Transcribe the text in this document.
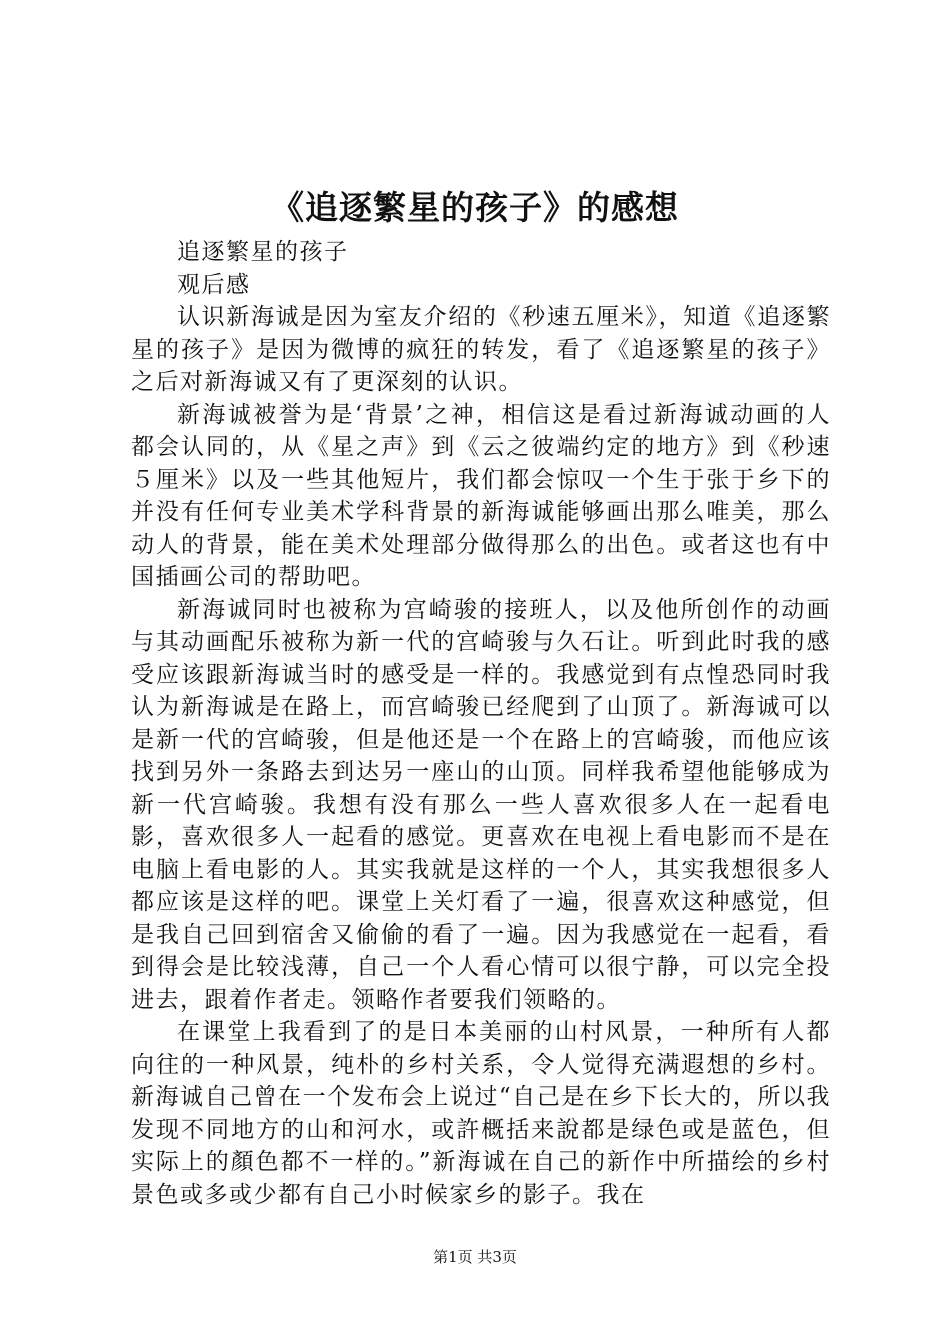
《追逐繁星的孩子》的感想

追逐繁星的孩子

观后感

认识新海诚是因为室友介绍的《秒速五厘米》，知道《追逐繁星的孩子》是因为微博的疯狂的转发，看了《追逐繁星的孩子》之后对新海诚又有了更深刻的认识。

新海诚被誉为是‘背景’之神，相信这是看过新海诚动画的人都会认同的，从《星之声》到《云之彼端约定的地方》到《秒速５厘米》以及一些其他短片，我们都会惊叹一个生于张于乡下的并没有任何专业美术学科背景的新海诚能够画出那么唯美，那么动人的背景，能在美术处理部分做得那么的出色。或者这也有中国插画公司的帮助吧。

新海诚同时也被称为宫崎骏的接班人，以及他所创作的动画与其动画配乐被称为新一代的宫崎骏与久石让。听到此时我的感受应该跟新海诚当时的感受是一样的。我感觉到有点惶恐同时我认为新海诚是在路上，而宫崎骏已经爬到了山顶了。新海诚可以是新一代的宫崎骏，但是他还是一个在路上的宫崎骏，而他应该找到另外一条路去到达另一座山的山顶。同样我希望他能够成为新一代宫崎骏。我想有没有那么一些人喜欢很多人在一起看电影，喜欢很多人一起看的感觉。更喜欢在电视上看电影而不是在电脑上看电影的人。其实我就是这样的一个人，其实我想很多人都应该是这样的吧。课堂上关灯看了一遍，很喜欢这种感觉，但是我自己回到宿舍又偷偷的看了一遍。因为我感觉在一起看，看到得会是比较浅薄，自己一个人看心情可以很宁静，可以完全投进去，跟着作者走。领略作者要我们领略的。

在课堂上我看到了的是日本美丽的山村风景，一种所有人都向往的一种风景，纯朴的乡村关系，令人觉得充满遐想的乡村。新海诚自己曾在一个发布会上说过“自己是在乡下长大的，所以我发现不同地方的山和河水，或許概括来說都是绿色或是蓝色，但实际上的顏色都不一样的。”新海诚在自己的新作中所描绘的乡村景色或多或少都有自己小时候家乡的影子。我在

第1页 共3页
